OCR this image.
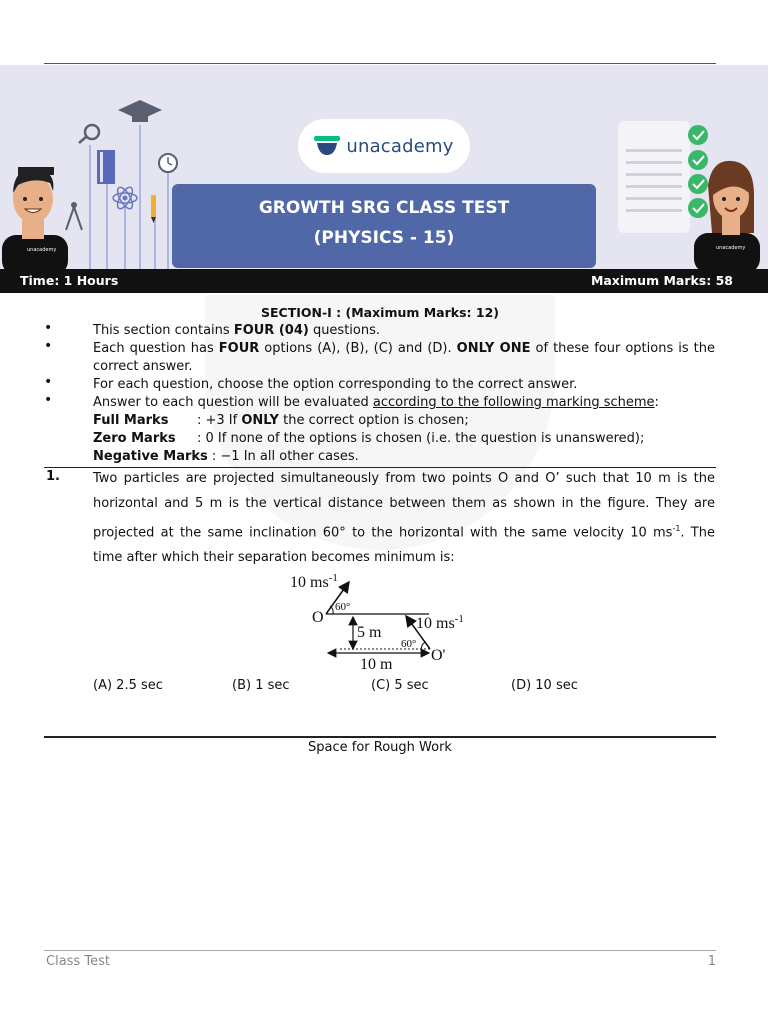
unacademy	unacademy
unacademy
GROWTH SRG CLASS TEST
(PHYSICS - 15)
Time: 1 Hours	Maximum Marks: 58
SECTION-I : (Maximum Marks: 12)
•	This section contains FOUR (04) questions.
•	Each question has FOUR options (A), (B), (C) and (D). ONLY ONE of these four options is the correct answer.
•	For each question, choose the option corresponding to the correct answer.
•	Answer to each question will be evaluated according to the following marking scheme:
Full Marks : +3 If ONLY the correct option is chosen;
Zero Marks : 0 If none of the options is chosen (i.e. the question is unanswered);
Negative Marks : −1 In all other cases.
1.	Two particles are projected simultaneously from two points O and O’ such that 10 m is the horizontal and 5 m is the vertical distance between them as shown in the figure. They are projected at the same inclination 60° to the horizontal with the same velocity 10 $ms^{-1}$. The time after which their separation becomes minimum is:
10 $ms^{-1}$
O
60°
5 m
10 $ms^{-1}$
60°
O'
10 m
(A) 2.5 sec	(B) 1 sec	(C) 5 sec	(D) 10 sec
Space for Rough Work
Class Test	1
